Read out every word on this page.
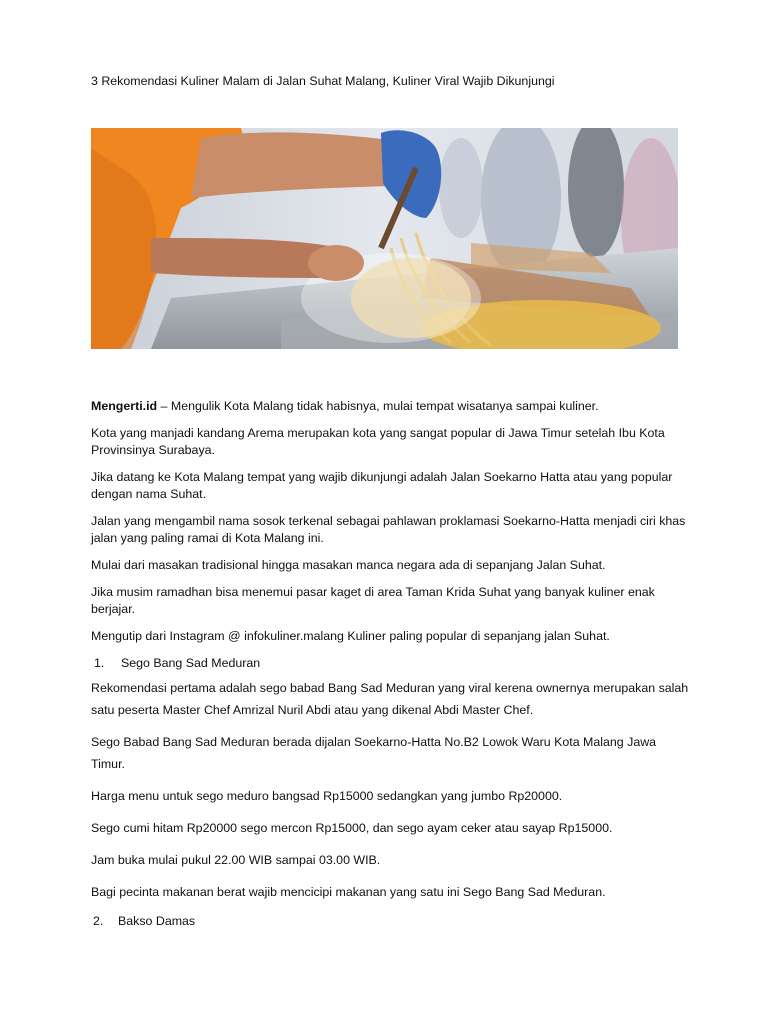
3 Rekomendasi Kuliner Malam di Jalan Suhat Malang, Kuliner Viral Wajib Dikunjungi

Mengerti.id – Mengulik Kota Malang tidak habisnya, mulai tempat wisatanya sampai kuliner.

Kota yang manjadi kandang Arema merupakan kota yang sangat popular di Jawa Timur setelah Ibu Kota Provinsinya Surabaya.

Jika datang ke Kota Malang tempat yang wajib dikunjungi adalah Jalan Soekarno Hatta atau yang popular dengan nama Suhat.

Jalan yang mengambil nama sosok terkenal sebagai pahlawan proklamasi Soekarno-Hatta menjadi ciri khas jalan yang paling ramai di Kota Malang ini.

Mulai dari masakan tradisional hingga masakan manca negara ada di sepanjang Jalan Suhat.

Jika musim ramadhan bisa menemui pasar kaget di area Taman Krida Suhat yang banyak kuliner enak berjajar.

Mengutip dari Instagram @ infokuliner.malang Kuliner paling popular di sepanjang jalan Suhat.

1.	Sego Bang Sad Meduran

Rekomendasi pertama adalah sego babad Bang Sad Meduran yang viral kerena ownernya merupakan salah satu peserta Master Chef Amrizal Nuril Abdi atau yang dikenal Abdi Master Chef.

Sego Babad Bang Sad Meduran berada dijalan Soekarno-Hatta No.B2 Lowok Waru Kota Malang Jawa Timur.

Harga menu untuk sego meduro bangsad Rp15000 sedangkan yang jumbo Rp20000.

Sego cumi hitam Rp20000 sego mercon Rp15000, dan sego ayam ceker atau sayap Rp15000.

Jam buka mulai pukul 22.00 WIB sampai 03.00 WIB.

Bagi pecinta makanan berat wajib mencicipi makanan yang satu ini Sego Bang Sad Meduran.

2.	Bakso Damas
